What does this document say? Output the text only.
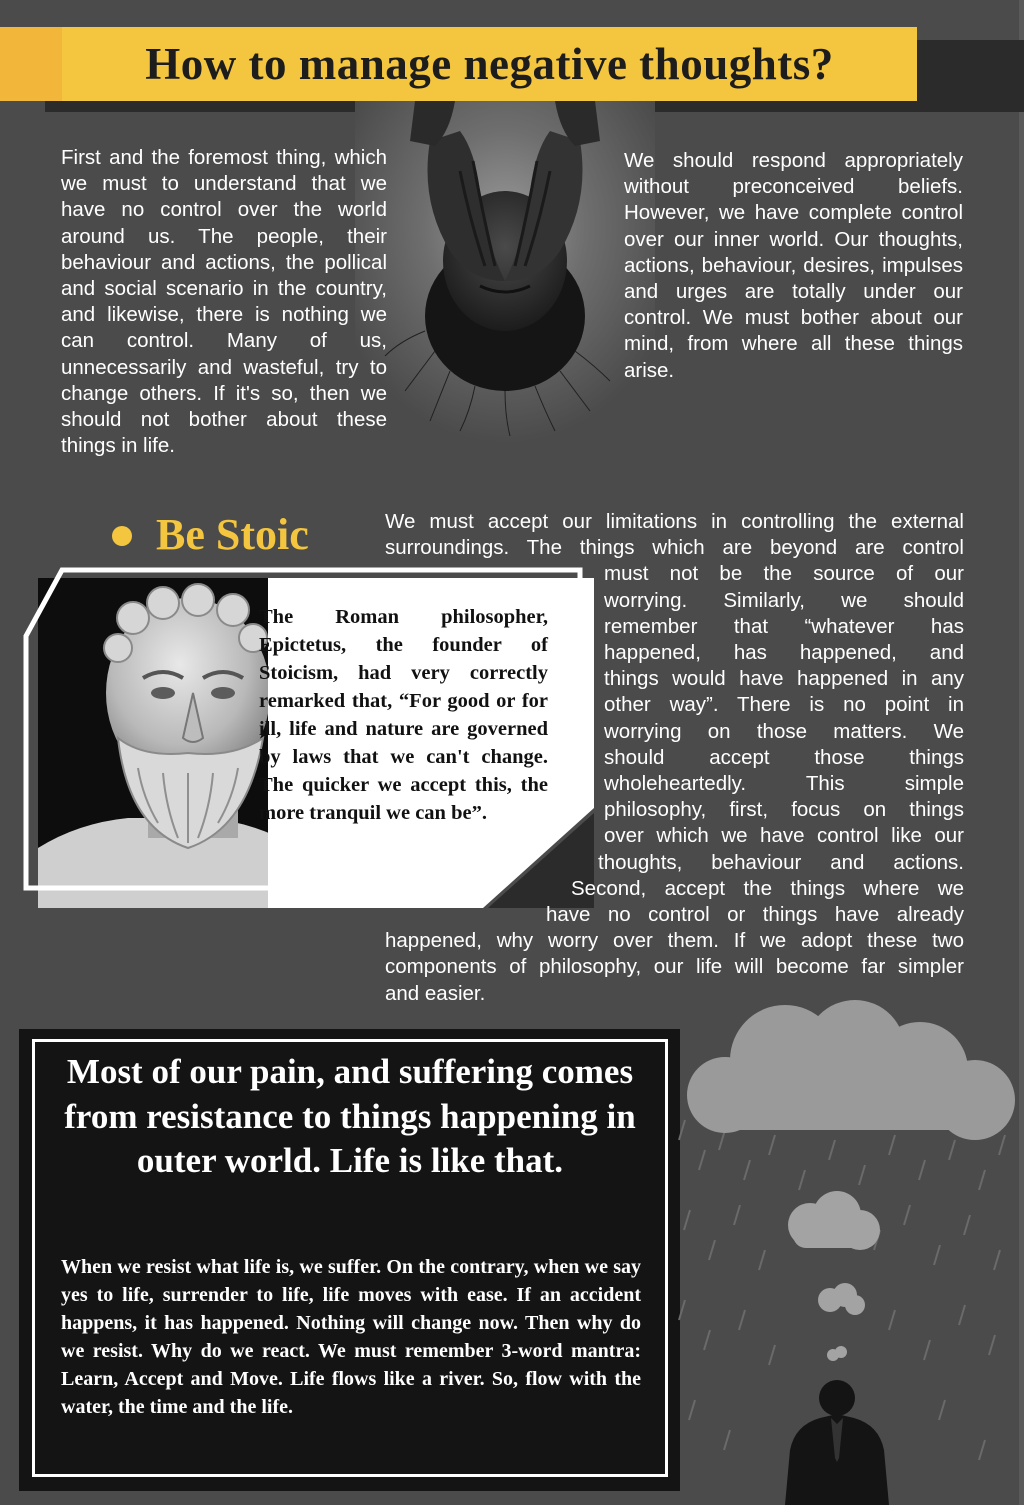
How to manage negative thoughts?

First and the foremost thing, which we must to understand that we have no control over the world around us. The people, their behaviour and actions, the pollical and social scenario in the country, and likewise, there is nothing we can control. Many of us, unnecessarily and wasteful, try to change others. If it's so, then we should not bother about these things in life.

We should respond appropriately without preconceived beliefs. However, we have complete control over our inner world. Our thoughts, actions, behaviour, desires, impulses and urges are totally under our control. We must bother about our mind, from where all these things arise.

Be Stoic

The Roman philosopher, Epictetus, the founder of Stoicism, had very correctly remarked that, “For good or for ill, life and nature are governed by laws that we can't change. The quicker we accept this, the more tranquil we can be”.

We must accept our limitations in controlling the external
surroundings. The things which are beyond are control
must not be the source of our
worrying. Similarly, we should
remember that “whatever has
happened, has happened, and
things would have happened in any
other way”. There is no point in
worrying on those matters. We
should accept those things
wholeheartedly. This simple
philosophy, first, focus on things
over which we have control like our
thoughts, behaviour and actions.
Second, accept the things where we
have no control or things have already
happened, why worry over them. If we adopt these two
components of philosophy, our life will become far simpler
and easier.

Most of our pain, and suffering comes from resistance to things happening in outer world. Life is like that.

When we resist what life is, we suffer. On the contrary, when we say yes to life, surrender to life, life moves with ease. If an accident happens, it has happened. Nothing will change now. Then why do we resist. Why do we react. We must remember 3-word mantra: Learn, Accept and Move. Life flows like a river. So, flow with the water, the time and the life.
